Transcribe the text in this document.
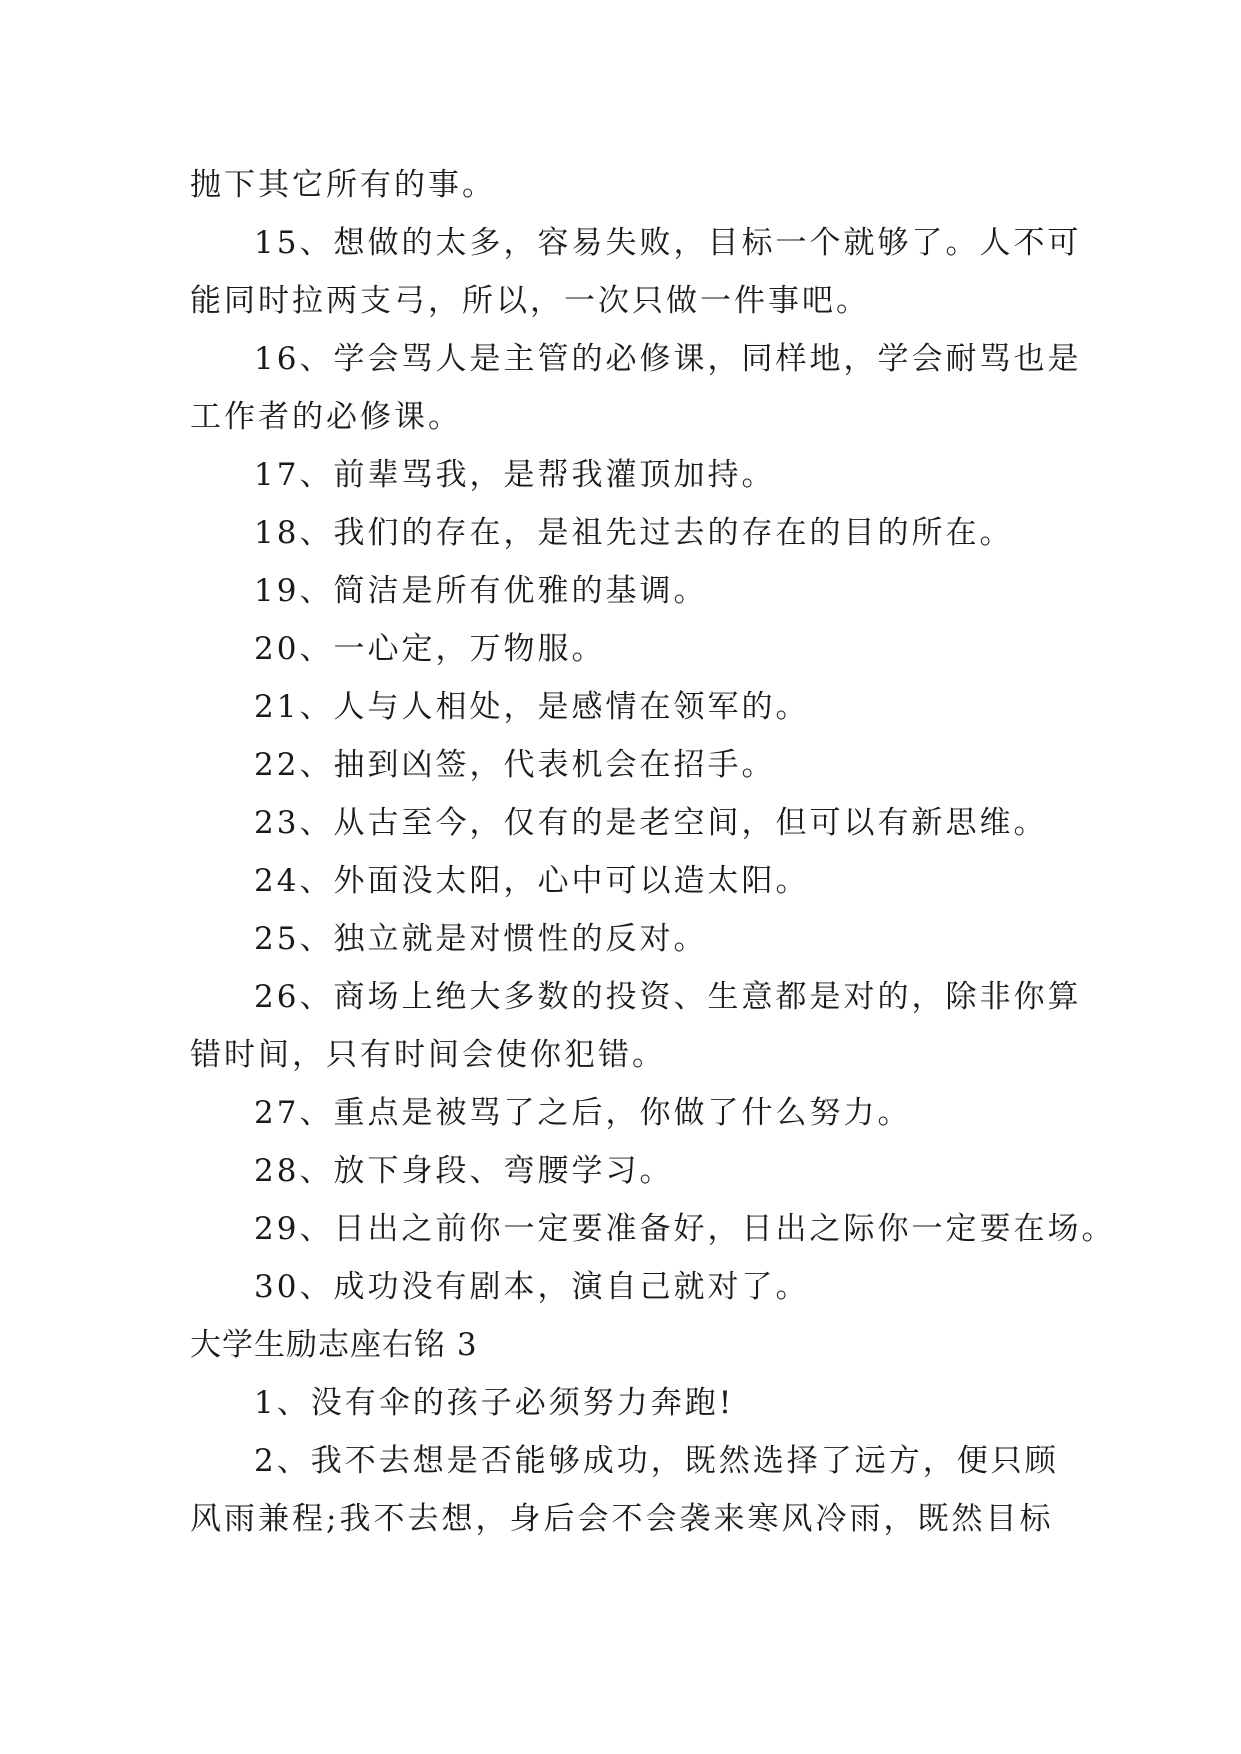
抛下其它所有的事。

15、想做的太多，容易失败，目标一个就够了。人不可

能同时拉两支弓，所以，一次只做一件事吧。

16、学会骂人是主管的必修课，同样地，学会耐骂也是

工作者的必修课。

17、前辈骂我，是帮我灌顶加持。

18、我们的存在，是祖先过去的存在的目的所在。

19、简洁是所有优雅的基调。

20、一心定，万物服。

21、人与人相处，是感情在领军的。

22、抽到凶签，代表机会在招手。

23、从古至今，仅有的是老空间，但可以有新思维。

24、外面没太阳，心中可以造太阳。

25、独立就是对惯性的反对。

26、商场上绝大多数的投资、生意都是对的，除非你算

错时间，只有时间会使你犯错。

27、重点是被骂了之后，你做了什么努力。

28、放下身段、弯腰学习。

29、日出之前你一定要准备好，日出之际你一定要在场。

30、成功没有剧本，演自己就对了。

大学生励志座右铭 3

1、没有伞的孩子必须努力奔跑!

2、我不去想是否能够成功，既然选择了远方，便只顾

风雨兼程;我不去想，身后会不会袭来寒风冷雨，既然目标
